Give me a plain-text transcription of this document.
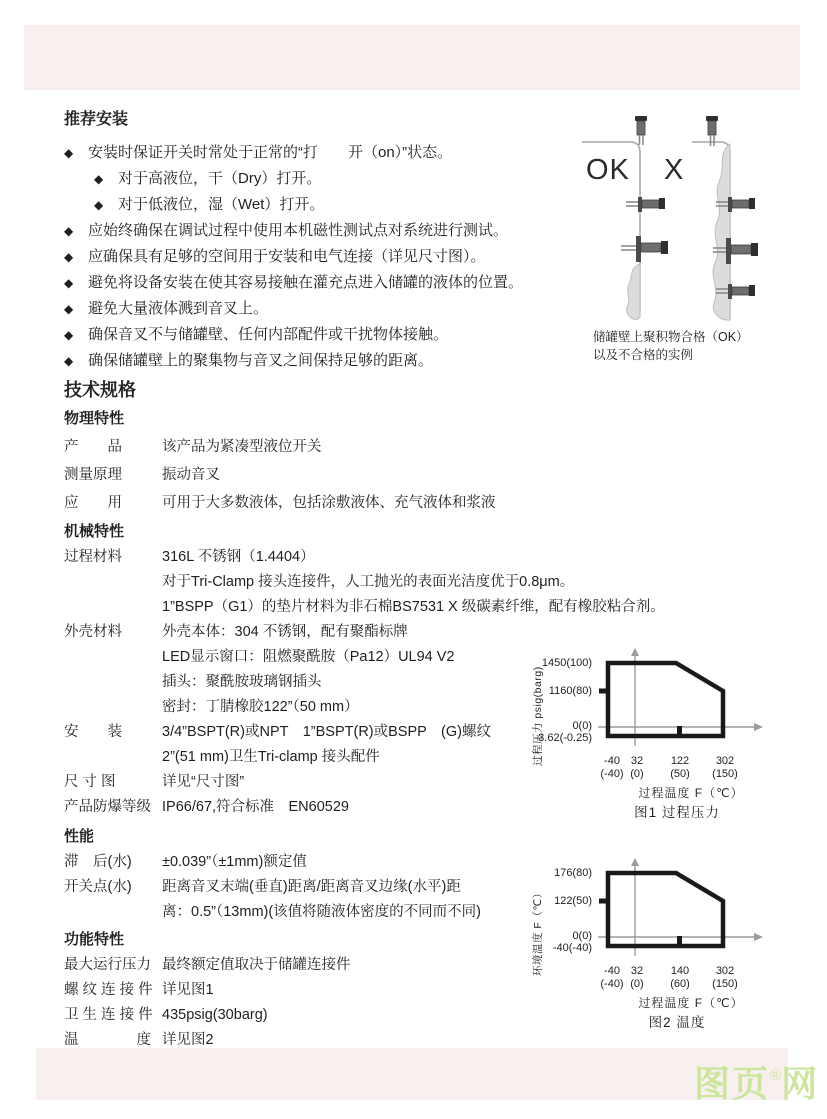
推荐安装
◆ 安装时保证开关时常处于正常的“打　　开（on）”状态。
◆ 对于高液位，干（Dry）打开。
◆ 对于低液位，湿（Wet）打开。
◆ 应始终确保在调试过程中使用本机磁性测试点对系统进行测试。
◆ 应确保具有足够的空间用于安装和电气连接（详见尺寸图）。
◆ 避免将设备安装在使其容易接触在灌充点进入储罐的液体的位置。
◆ 避免大量液体溅到音叉上。
◆ 确保音叉不与储罐壁、任何内部配件或干扰物体接触。
◆ 确保储罐壁上的聚集物与音叉之间保持足够的距离。
技术规格
物理特性
产　　品	该产品为紧凑型液位开关
测量原理	振动音叉
应　　用	可用于大多数液体，包括涂敷液体、充气液体和浆液
机械特性
过程材料	316L 不锈钢（1.4404）
对于Tri-Clamp 接头连接件，人工抛光的表面光洁度优于0.8μm。
1”BSPP（G1）的垫片材料为非石棉BS7531 X 级碳素纤维，配有橡胶粘合剂。
外壳材料	外壳本体：304 不锈钢，配有聚酯标牌
LED显示窗口：阻燃聚酰胺（Pa12）UL94 V2
插头：聚酰胺玻璃钢插头
密封：丁腈橡胶122”（50 mm）
安　　装	3/4”BSPT(R)或NPT　1”BSPT(R)或BSPP　(G)螺纹
2”(51 mm)卫生Tri-clamp 接头配件
尺 寸 图	详见“尺寸图”
产品防爆等级 IP66/67,符合标准　EN60529
性能
滞　后(水)	±0.039”（±1mm)额定值
开关点(水)	距离音叉末端(垂直)距离/距离音叉边缘(水平)距
离：0.5”（13mm)(该值将随液体密度的不同而不同)
功能特性
最大运行压力 最终额定值取决于储罐连接件
螺 纹 连 接 件 详见图1
卫 生 连 接 件 435psig(30barg)
温　　　　度 详见图2
OK X
储罐壁上聚积物合格（OK）
以及不合格的实例
过程压力 psig(barg)
1450(100)
1160(80)
0(0)
-3.62(-0.25)
-40 32	122	302
(-40) (0)	(50)	(150)
过程温度 F（℃）
图1 过程压力
环境温度 F（℃）
176(80)
122(50)
0(0)
-40(-40)
-40 32	140	302
(-40) (0)	(60)	(150)
过程温度 F（℃）
图2 温度
图页®网
